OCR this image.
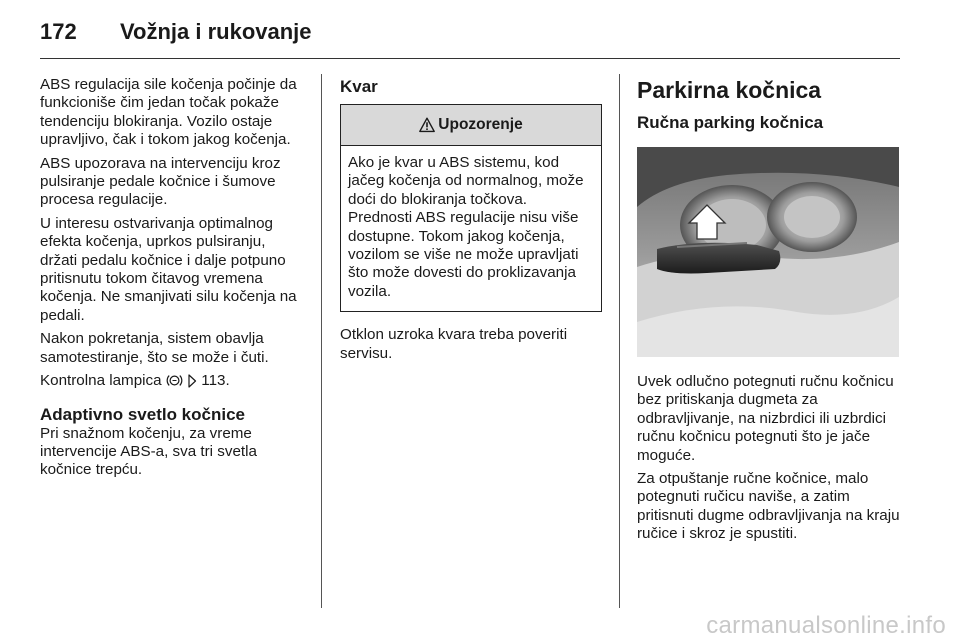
172	Vožnja i rukovanje

ABS regulacija sile kočenja počinje da funkcioniše čim jedan točak pokaže tendenciju blokiranja. Vozilo ostaje upravljivo, čak i tokom jakog kočenja.

ABS upozorava na intervenciju kroz pulsiranje pedale kočnice i šumove procesa regulacije.

U interesu ostvarivanja optimalnog efekta kočenja, uprkos pulsiranju, držati pedalu kočnice i dalje potpuno pritisnutu tokom čitavog vremena kočenja. Ne smanjivati silu kočenja na pedali.

Nakon pokretanja, sistem obavlja samotestiranje, što se može i čuti.

Kontrolna lampica	113.

Adaptivno svetlo kočnice

Pri snažnom kočenju, za vreme intervencije ABS-a, sva tri svetla kočnice trepću.

Kvar
Upozorenje
Ako je kvar u ABS sistemu, kod jačeg kočenja od normalnog, može doći do blokiranja točkova. Prednosti ABS regulacije nisu više dostupne. Tokom jakog kočenja, vozilom se više ne može upravljati što može dovesti do proklizavanja vozila.

Otklon uzroka kvara treba poveriti servisu.

Parkirna kočnica
Ručna parking kočnica

Uvek odlučno potegnuti ručnu kočnicu bez pritiskanja dugmeta za odbravljivanje, na nizbrdici ili uzbrdici ručnu kočnicu potegnuti što je jače moguće.

Za otpuštanje ručne kočnice, malo potegnuti ručicu naviše, a zatim pritisnuti dugme odbravljivanja na kraju ručice i skroz je spustiti.

carmanualsonline.info
